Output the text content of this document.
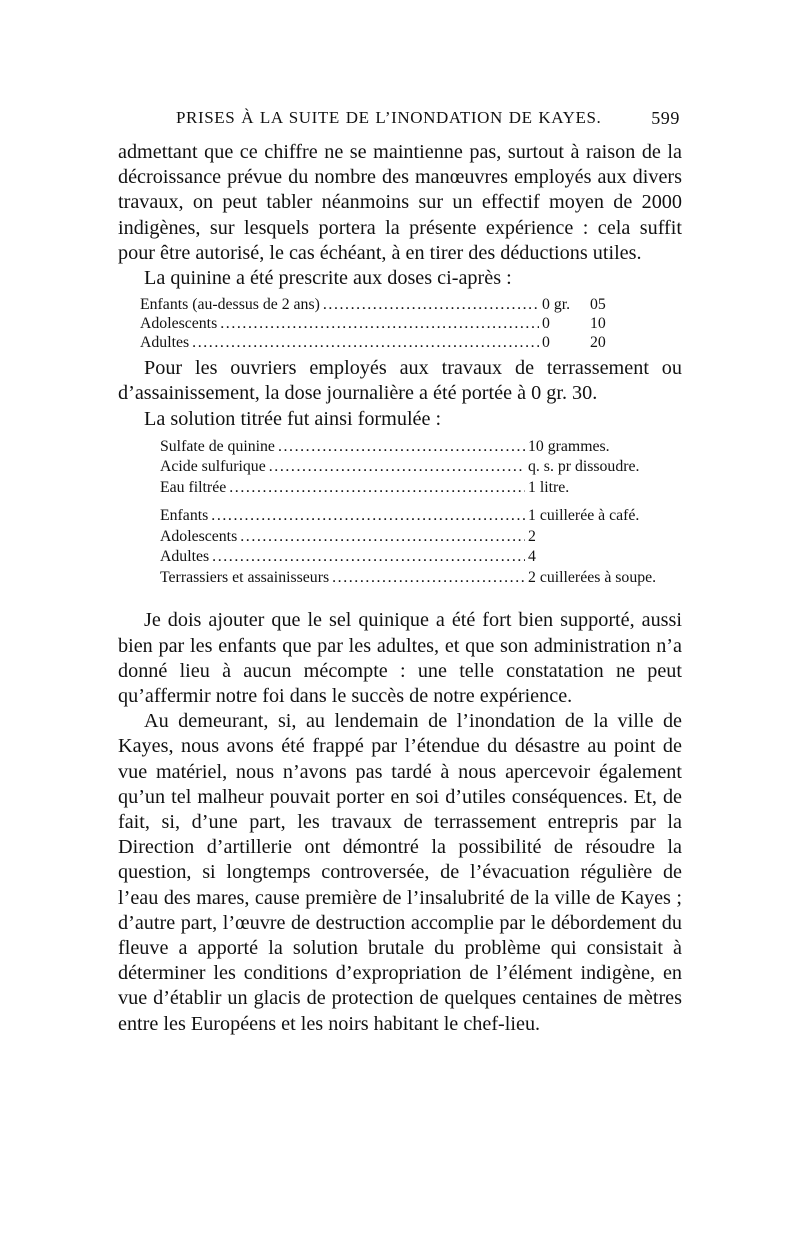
PRISES À LA SUITE DE L’INONDATION DE KAYES.	599

admettant que ce chiffre ne se maintienne pas, surtout à raison de la décroissance prévue du nombre des manœuvres employés aux divers travaux, on peut tabler néanmoins sur un effectif moyen de 2000 indigènes, sur lesquels portera la présente expérience : cela suffit pour être autorisé, le cas échéant, à en tirer des déductions utiles.

La quinine a été prescrite aux doses ci-après :

Enfants (au-dessus de 2 ans) .....	0 gr.	05
Adolescents .....	0	10
Adultes .....	0	20

Pour les ouvriers employés aux travaux de terrassement ou d’assainissement, la dose journalière a été portée à 0 gr. 30.

La solution titrée fut ainsi formulée :

Sulfate de quinine .....	10 grammes.
Acide sulfurique .....	q. s. pr dissoudre.
Eau filtrée .....	1 litre.
Enfants .....	1 cuillerée à café.
Adolescents .....	2
Adultes .....	4
Terrassiers et assainisseurs .....	2 cuillerées à soupe.

Je dois ajouter que le sel quinique a été fort bien supporté, aussi bien par les enfants que par les adultes, et que son administration n’a donné lieu à aucun mécompte : une telle constatation ne peut qu’affermir notre foi dans le succès de notre expérience.

Au demeurant, si, au lendemain de l’inondation de la ville de Kayes, nous avons été frappé par l’étendue du désastre au point de vue matériel, nous n’avons pas tardé à nous apercevoir également qu’un tel malheur pouvait porter en soi d’utiles conséquences. Et, de fait, si, d’une part, les travaux de terrassement entrepris par la Direction d’artillerie ont démontré la possibilité de résoudre la question, si longtemps controversée, de l’évacuation régulière de l’eau des mares, cause première de l’insalubrité de la ville de Kayes ; d’autre part, l’œuvre de destruction accomplie par le débordement du fleuve a apporté la solution brutale du problème qui consistait à déterminer les conditions d’expropriation de l’élément indigène, en vue d’établir un glacis de protection de quelques centaines de mètres entre les Européens et les noirs habitant le chef-lieu.
